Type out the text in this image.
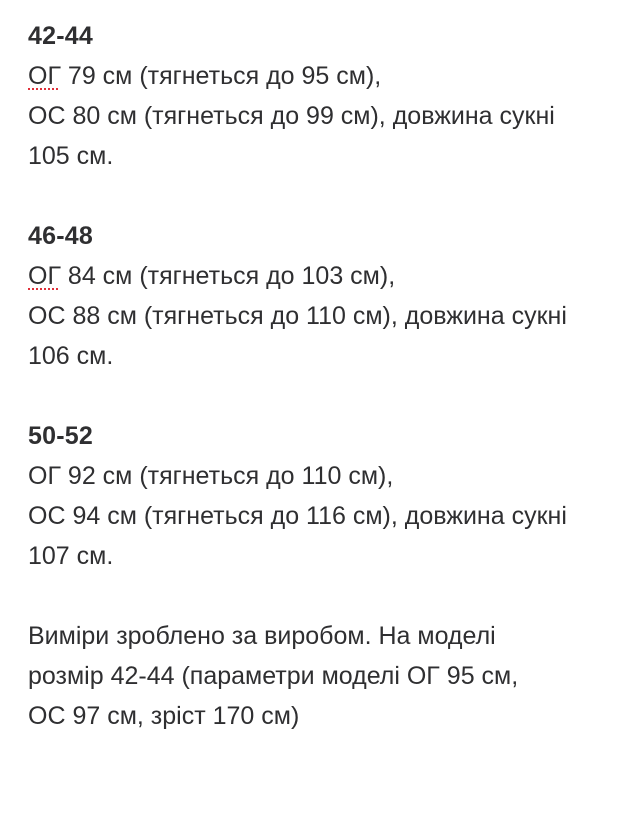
42-44
ОГ 79 см (тягнеться до 95 см),
ОС 80 см (тягнеться до 99 см), довжина сукні
105 см.
46-48
ОГ 84 см (тягнеться до 103 см),
ОС 88 см (тягнеться до 110 см), довжина сукні
106 см.
50-52
ОГ 92 см (тягнеться до 110 см),
ОС 94 см (тягнеться до 116 см), довжина сукні
107 см.
Виміри зроблено за виробом. На моделі
розмір 42-44 (параметри моделі ОГ 95 см,
ОС 97 см, зріст 170 см)
